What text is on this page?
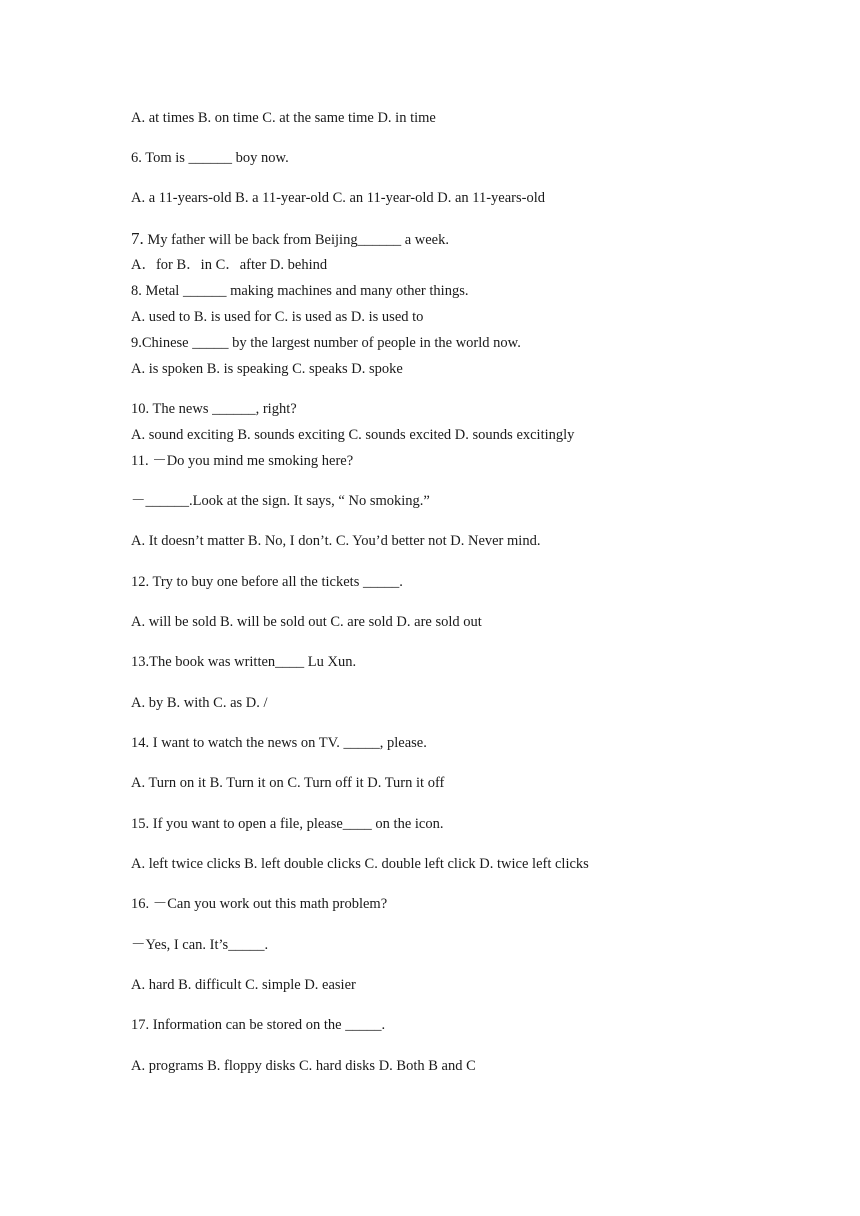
A. at times B. on time C. at the same time D. in time
6. Tom is ______ boy now.
A. a 11-years-old B. a 11-year-old C. an 11-year-old D. an 11-years-old
7. My father will be back from Beijing______ a week.
A．for B．in C．after D. behind
8. Metal ______ making machines and many other things.
A. used to B. is used for C. is used as D. is used to
9.Chinese _____ by the largest number of people in the world now.
A. is spoken B. is speaking C. speaks D. spoke
10. The news ______, right?
A. sound exciting B. sounds exciting C. sounds excited D. sounds excitingly
11. －Do you mind me smoking here?
－______.Look at the sign. It says, “ No smoking.”
A. It doesn’t matter B. No, I don’t. C. You’d better not D. Never mind.
12. Try to buy one before all the tickets _____.
A. will be sold B. will be sold out C. are sold D. are sold out
13.The book was written____ Lu Xun.
A. by B. with C. as D. /
14. I want to watch the news on TV. _____, please.
A. Turn on it B. Turn it on C. Turn off it D. Turn it off
15. If you want to open a file, please____ on the icon.
A. left twice clicks B. left double clicks C. double left click D. twice left clicks
16. －Can you work out this math problem?
－Yes, I can. It’s_____.
A. hard B. difficult C. simple D. easier
17. Information can be stored on the _____.
A. programs B. floppy disks C. hard disks D. Both B and C
